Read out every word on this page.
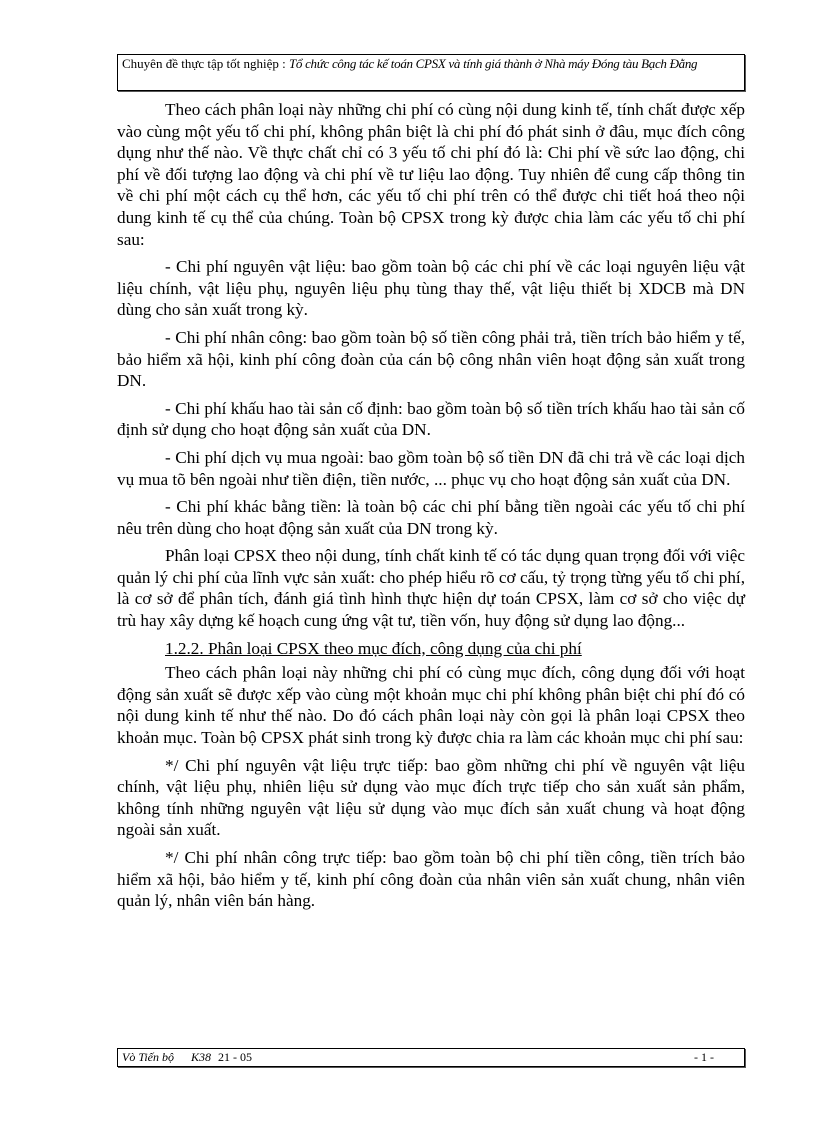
Chuyên đề thực tập tốt nghiệp : Tổ chức công tác kế toán CPSX và tính giá thành ở Nhà máy Đóng tàu Bạch Đằng

Theo cách phân loại này những chi phí có cùng nội dung kinh tế, tính chất được xếp vào cùng một yếu tố chi phí, không phân biệt là chi phí đó phát sinh ở đâu, mục đích công dụng như thế nào. Về thực chất chỉ có 3 yếu tố chi phí đó là: Chi phí về sức lao động, chi phí về đối tượng lao động và chi phí về tư liệu lao động. Tuy nhiên để cung cấp thông tin về chi phí một cách cụ thể hơn, các yếu tố chi phí trên có thể được chi tiết hoá theo nội dung kinh tế cụ thể của chúng. Toàn bộ CPSX trong kỳ được chia làm các yếu tố chi phí sau:

- Chi phí nguyên vật liệu: bao gồm toàn bộ các chi phí về các loại nguyên liệu vật liệu chính, vật liệu phụ, nguyên liệu phụ tùng thay thế, vật liệu thiết bị XDCB mà DN dùng cho sản xuất trong kỳ.

- Chi phí nhân công: bao gồm toàn bộ số tiền công phải trả, tiền trích bảo hiểm y tế, bảo hiểm xã hội, kinh phí công đoàn của cán bộ công nhân viên hoạt động sản xuất trong DN.

- Chi phí khấu hao tài sản cố định: bao gồm toàn bộ số tiền trích khấu hao tài sản cố định sử dụng cho hoạt động sản xuất của DN.

- Chi phí dịch vụ mua ngoài: bao gồm toàn bộ số tiền DN đã chi trả về các loại dịch vụ mua tõ bên ngoài như tiền điện, tiền nước, ... phục vụ cho hoạt động sản xuất của DN.

- Chi phí khác bằng tiền: là toàn bộ các chi phí bằng tiền ngoài các yếu tố chi phí nêu trên dùng cho hoạt động sản xuất của DN trong kỳ.

Phân loại CPSX theo nội dung, tính chất kinh tế có tác dụng quan trọng đối với việc quản lý chi phí của lĩnh vực sản xuất: cho phép hiểu rõ cơ cấu, tỷ trọng từng yếu tố chi phí, là cơ sở để phân tích, đánh giá tình hình thực hiện dự toán CPSX, làm cơ sở cho việc dự trù hay xây dựng kế hoạch cung ứng vật tư, tiền vốn, huy động sử dụng lao động...

1.2.2. Phân loại CPSX theo mục đích, công dụng của chi phí

Theo cách phân loại này những chi phí có cùng mục đích, công dụng đối với hoạt động sản xuất sẽ được xếp vào cùng một khoản mục chi phí không phân biệt chi phí đó có nội dung kinh tế như thế nào. Do đó cách phân loại này còn gọi là phân loại CPSX theo khoản mục. Toàn bộ CPSX phát sinh trong kỳ được chia ra làm các khoản mục chi phí sau:

*/ Chi phí nguyên vật liệu trực tiếp: bao gồm những chi phí về nguyên vật liệu chính, vật liệu phụ, nhiên liệu sử dụng vào mục đích trực tiếp cho sản xuất sản phẩm, không tính những nguyên vật liệu sử dụng vào mục đích sản xuất chung và hoạt động ngoài sản xuất.

*/ Chi phí nhân công trực tiếp: bao gồm toàn bộ chi phí tiền công, tiền trích bảo hiểm xã hội, bảo hiểm y tế, kinh phí công đoàn của nhân viên sản xuất chung, nhân viên quản lý, nhân viên bán hàng.

Vò Tiến bộ K38 21 - 05	- 1 -
